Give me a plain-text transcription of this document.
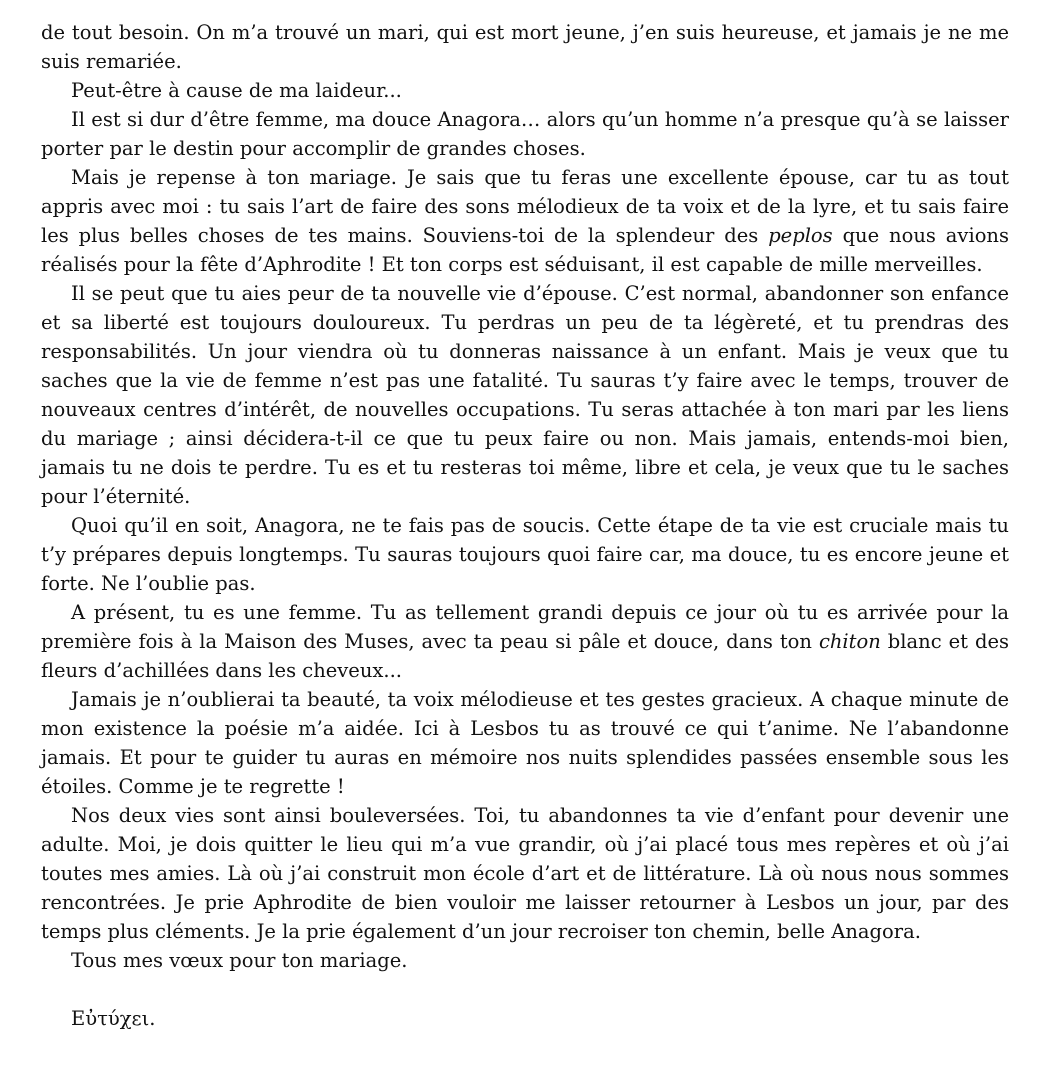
de tout besoin. On m’a trouvé un mari, qui est mort jeune, j’en suis heureuse, et jamais je ne me suis remariée.

Peut-être à cause de ma laideur...

Il est si dur d’être femme, ma douce Anagora… alors qu’un homme n’a presque qu’à se laisser porter par le destin pour accomplir de grandes choses.

Mais je repense à ton mariage. Je sais que tu feras une excellente épouse, car tu as tout appris avec moi : tu sais l’art de faire des sons mélodieux de ta voix et de la lyre, et tu sais faire les plus belles choses de tes mains. Souviens-toi de la splendeur des peplos que nous avions réalisés pour la fête d’Aphrodite ! Et ton corps est séduisant, il est capable de mille merveilles.

Il se peut que tu aies peur de ta nouvelle vie d’épouse. C’est normal, abandonner son enfance et sa liberté est toujours douloureux. Tu perdras un peu de ta légèreté, et tu prendras des responsabilités. Un jour viendra où tu donneras naissance à un enfant. Mais je veux que tu saches que la vie de femme n’est pas une fatalité. Tu sauras t’y faire avec le temps, trouver de nouveaux centres d’intérêt, de nouvelles occupations. Tu seras attachée à ton mari par les liens du mariage ; ainsi décidera-t-il ce que tu peux faire ou non. Mais jamais, entends-moi bien, jamais tu ne dois te perdre. Tu es et tu resteras toi même, libre et cela, je veux que tu le saches pour l’éternité.

Quoi qu’il en soit, Anagora, ne te fais pas de soucis. Cette étape de ta vie est cruciale mais tu t’y prépares depuis longtemps. Tu sauras toujours quoi faire car, ma douce, tu es encore jeune et forte. Ne l’oublie pas.

A présent, tu es une femme. Tu as tellement grandi depuis ce jour où tu es arrivée pour la première fois à la Maison des Muses, avec ta peau si pâle et douce, dans ton chiton blanc et des fleurs d’achillées dans les cheveux...

Jamais je n’oublierai ta beauté, ta voix mélodieuse et tes gestes gracieux. A chaque minute de mon existence la poésie m’a aidée. Ici à Lesbos tu as trouvé ce qui t’anime. Ne l’abandonne jamais. Et pour te guider tu auras en mémoire nos nuits splendides passées ensemble sous les étoiles. Comme je te regrette !

Nos deux vies sont ainsi bouleversées. Toi, tu abandonnes ta vie d’enfant pour devenir une adulte. Moi, je dois quitter le lieu qui m’a vue grandir, où j’ai placé tous mes repères et où j’ai toutes mes amies. Là où j’ai construit mon école d’art et de littérature. Là où nous nous sommes rencontrées. Je prie Aphrodite de bien vouloir me laisser retourner à Lesbos un jour, par des temps plus cléments. Je la prie également d’un jour recroiser ton chemin, belle Anagora.

Tous mes vœux pour ton mariage.

Εὐτύχει.
